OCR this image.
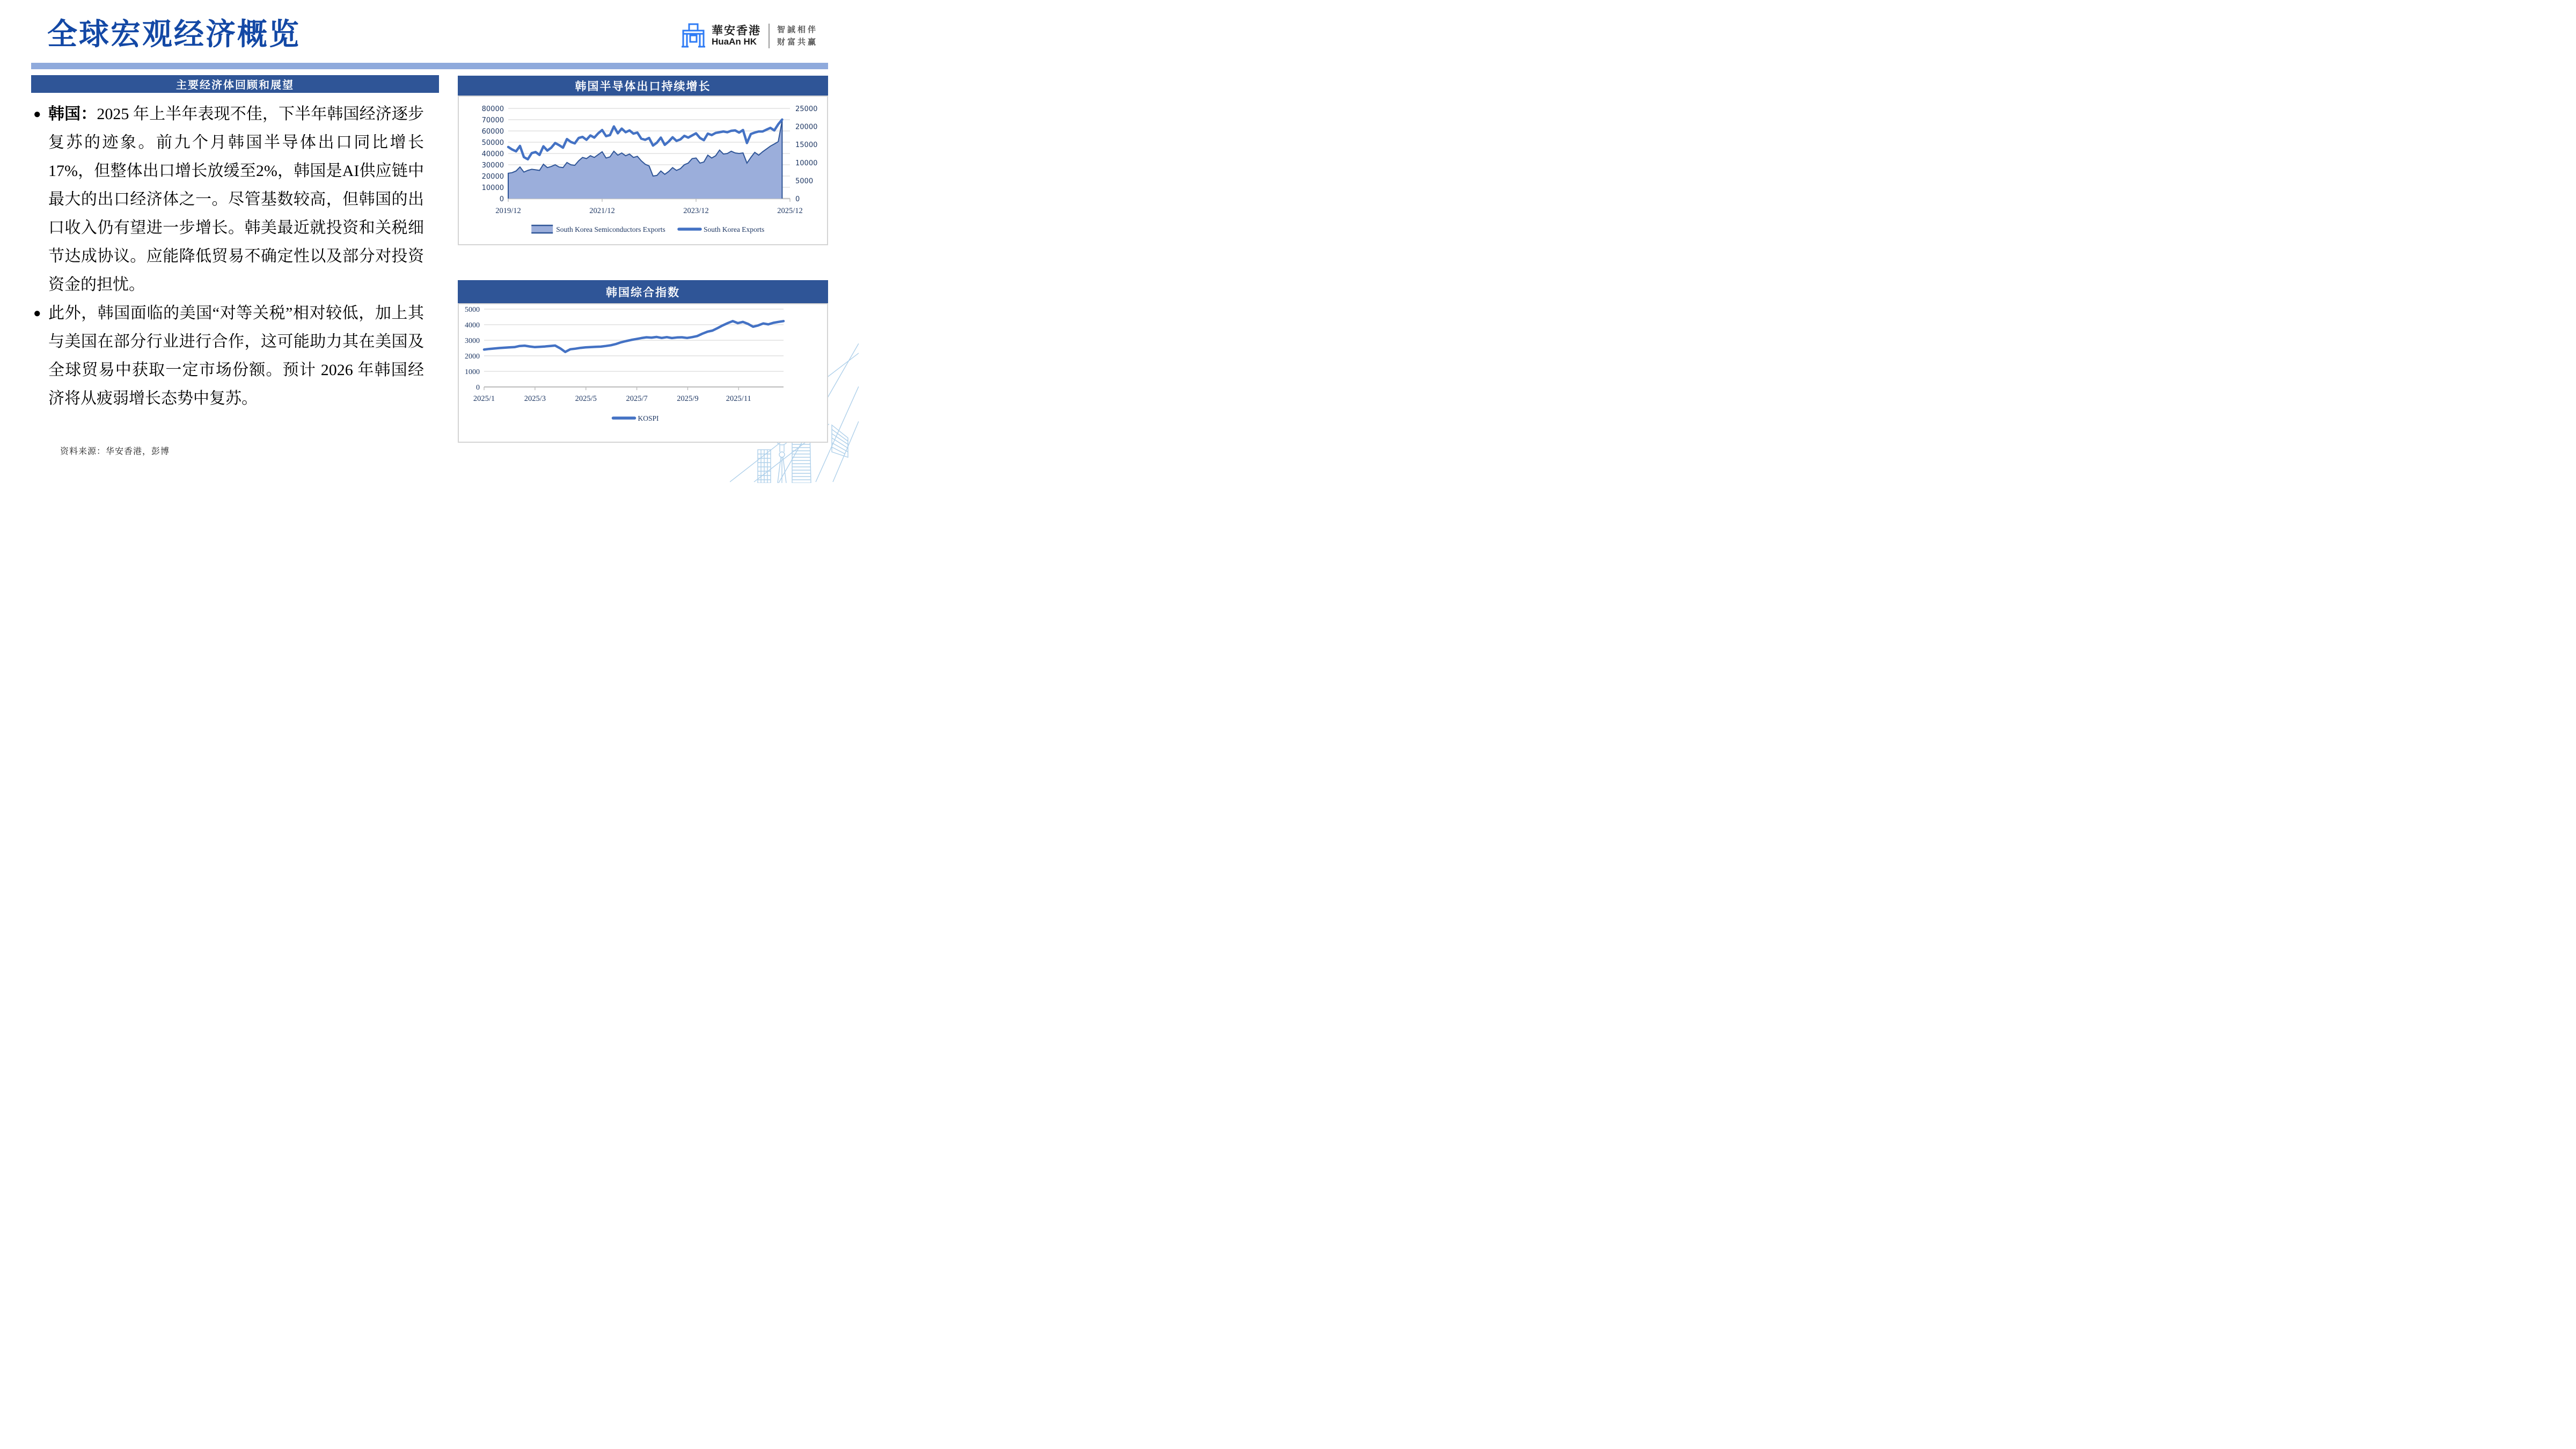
全球宏观经济概览	華安香港
HuaAn HK
智誠相伴
财富共赢
主要经济体回顾和展望
● 韩国：2025 年上半年表现不佳，下半年韩国经济逐步复苏的迹象。前九个月韩国半导体出口同比增长 17%，但整体出口增长放缓至2%，韩国是AI供应链中最大的出口经济体之一。尽管基数较高，但韩国的出口收入仍有望进一步增长。韩美最近就投资和关税细节达成协议。应能降低贸易不确定性以及部分对投资资金的担忧。
● 此外，韩国面临的美国“对等关税”相对较低，加上其与美国在部分行业进行合作，这可能助力其在美国及全球贸易中获取一定市场份额。预计 2026 年韩国经济将从疲弱增长态势中复苏。
韩国半导体出口持续增长
0
10000
20000
30000
40000
50000
60000
70000
80000
0
5000
10000
15000
20000
25000
2019/12	2021/12	2023/12	2025/12
South Korea Semiconductors Exports	South Korea Exports
韩国综合指数
0
1000
2000
3000
4000
5000
2025/1	2025/3	2025/5	2025/7	2025/9	2025/11
KOSPI
资料来源：华安香港，彭博
